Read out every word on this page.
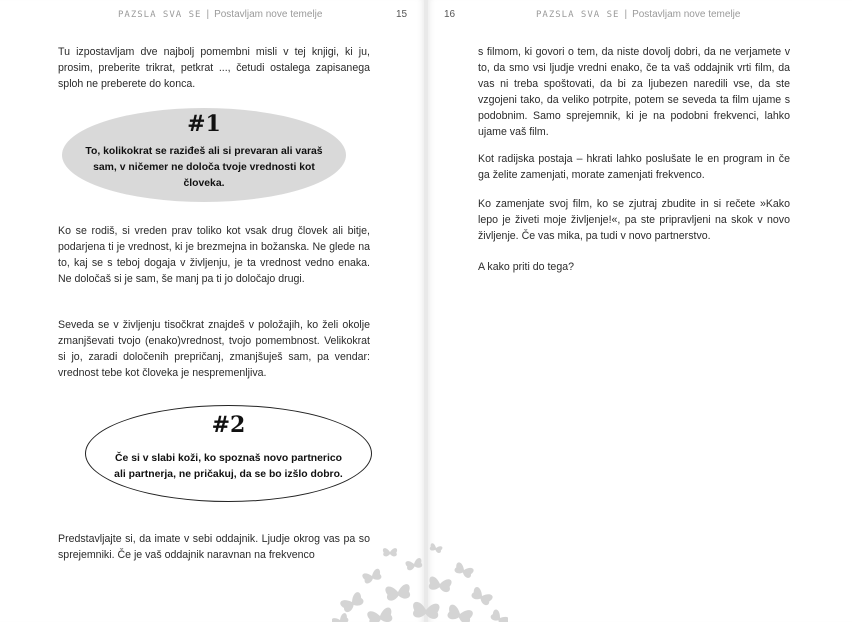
PAZSLA SVA SE | Postavljam nove temelje	15
Tu izpostavljam dve najbolj pomembni misli v tej knjigi, ki ju, prosim, preberite trikrat, petkrat ..., četudi ostalega zapisanega sploh ne preberete do konca.
#1
To, kolikokrat se raziđeš ali si prevaran ali varaš sam, v ničemer ne določa tvoje vrednosti kot človeka.
Ko se rodiš, si vreden prav toliko kot vsak drug človek ali bitje, podarjena ti je vrednost, ki je brezmejna in božanska. Ne glede na to, kaj se s teboj dogaja v življenju, je ta vrednost vedno enaka. Ne določaš si je sam, še manj pa ti jo določajo drugi.
Seveda se v življenju tisočkrat znajdeš v položajih, ko želi okolje zmanjševati tvojo (enako)vrednost, tvojo pomembnost. Velikokrat si jo, zaradi določenih prepričanj, zmanjšuješ sam, pa vendar: vrednost tebe kot človeka je nespremenljiva.
#2
Če si v slabi koži, ko spoznaš novo partnerico ali partnerja, ne pričakuj, da se bo izšlo dobro.
Predstavljajte si, da imate v sebi oddajnik. Ljudje okrog vas pa so sprejemniki. Če je vaš oddajnik naravnan na frekvenco
16	PAZSLA SVA SE | Postavljam nove temelje
s filmom, ki govori o tem, da niste dovolj dobri, da ne verjamete v to, da smo vsi ljudje vredni enako, če ta vaš oddajnik vrti film, da vas ni treba spoštovati, da bi za ljubezen naredili vse, da ste vzgojeni tako, da veliko potrpite, potem se seveda ta film ujame s podobnim. Samo sprejemnik, ki je na podobni frekvenci, lahko ujame vaš film.
Kot radijska postaja – hkrati lahko poslušate le en program in če ga želite zamenjati, morate zamenjati frekvenco.
Ko zamenjate svoj film, ko se zjutraj zbudite in si rečete »Kako lepo je živeti moje življenje!«, pa ste pripravljeni na skok v novo življenje. Če vas mika, pa tudi v novo partnerstvo.
A kako priti do tega?
